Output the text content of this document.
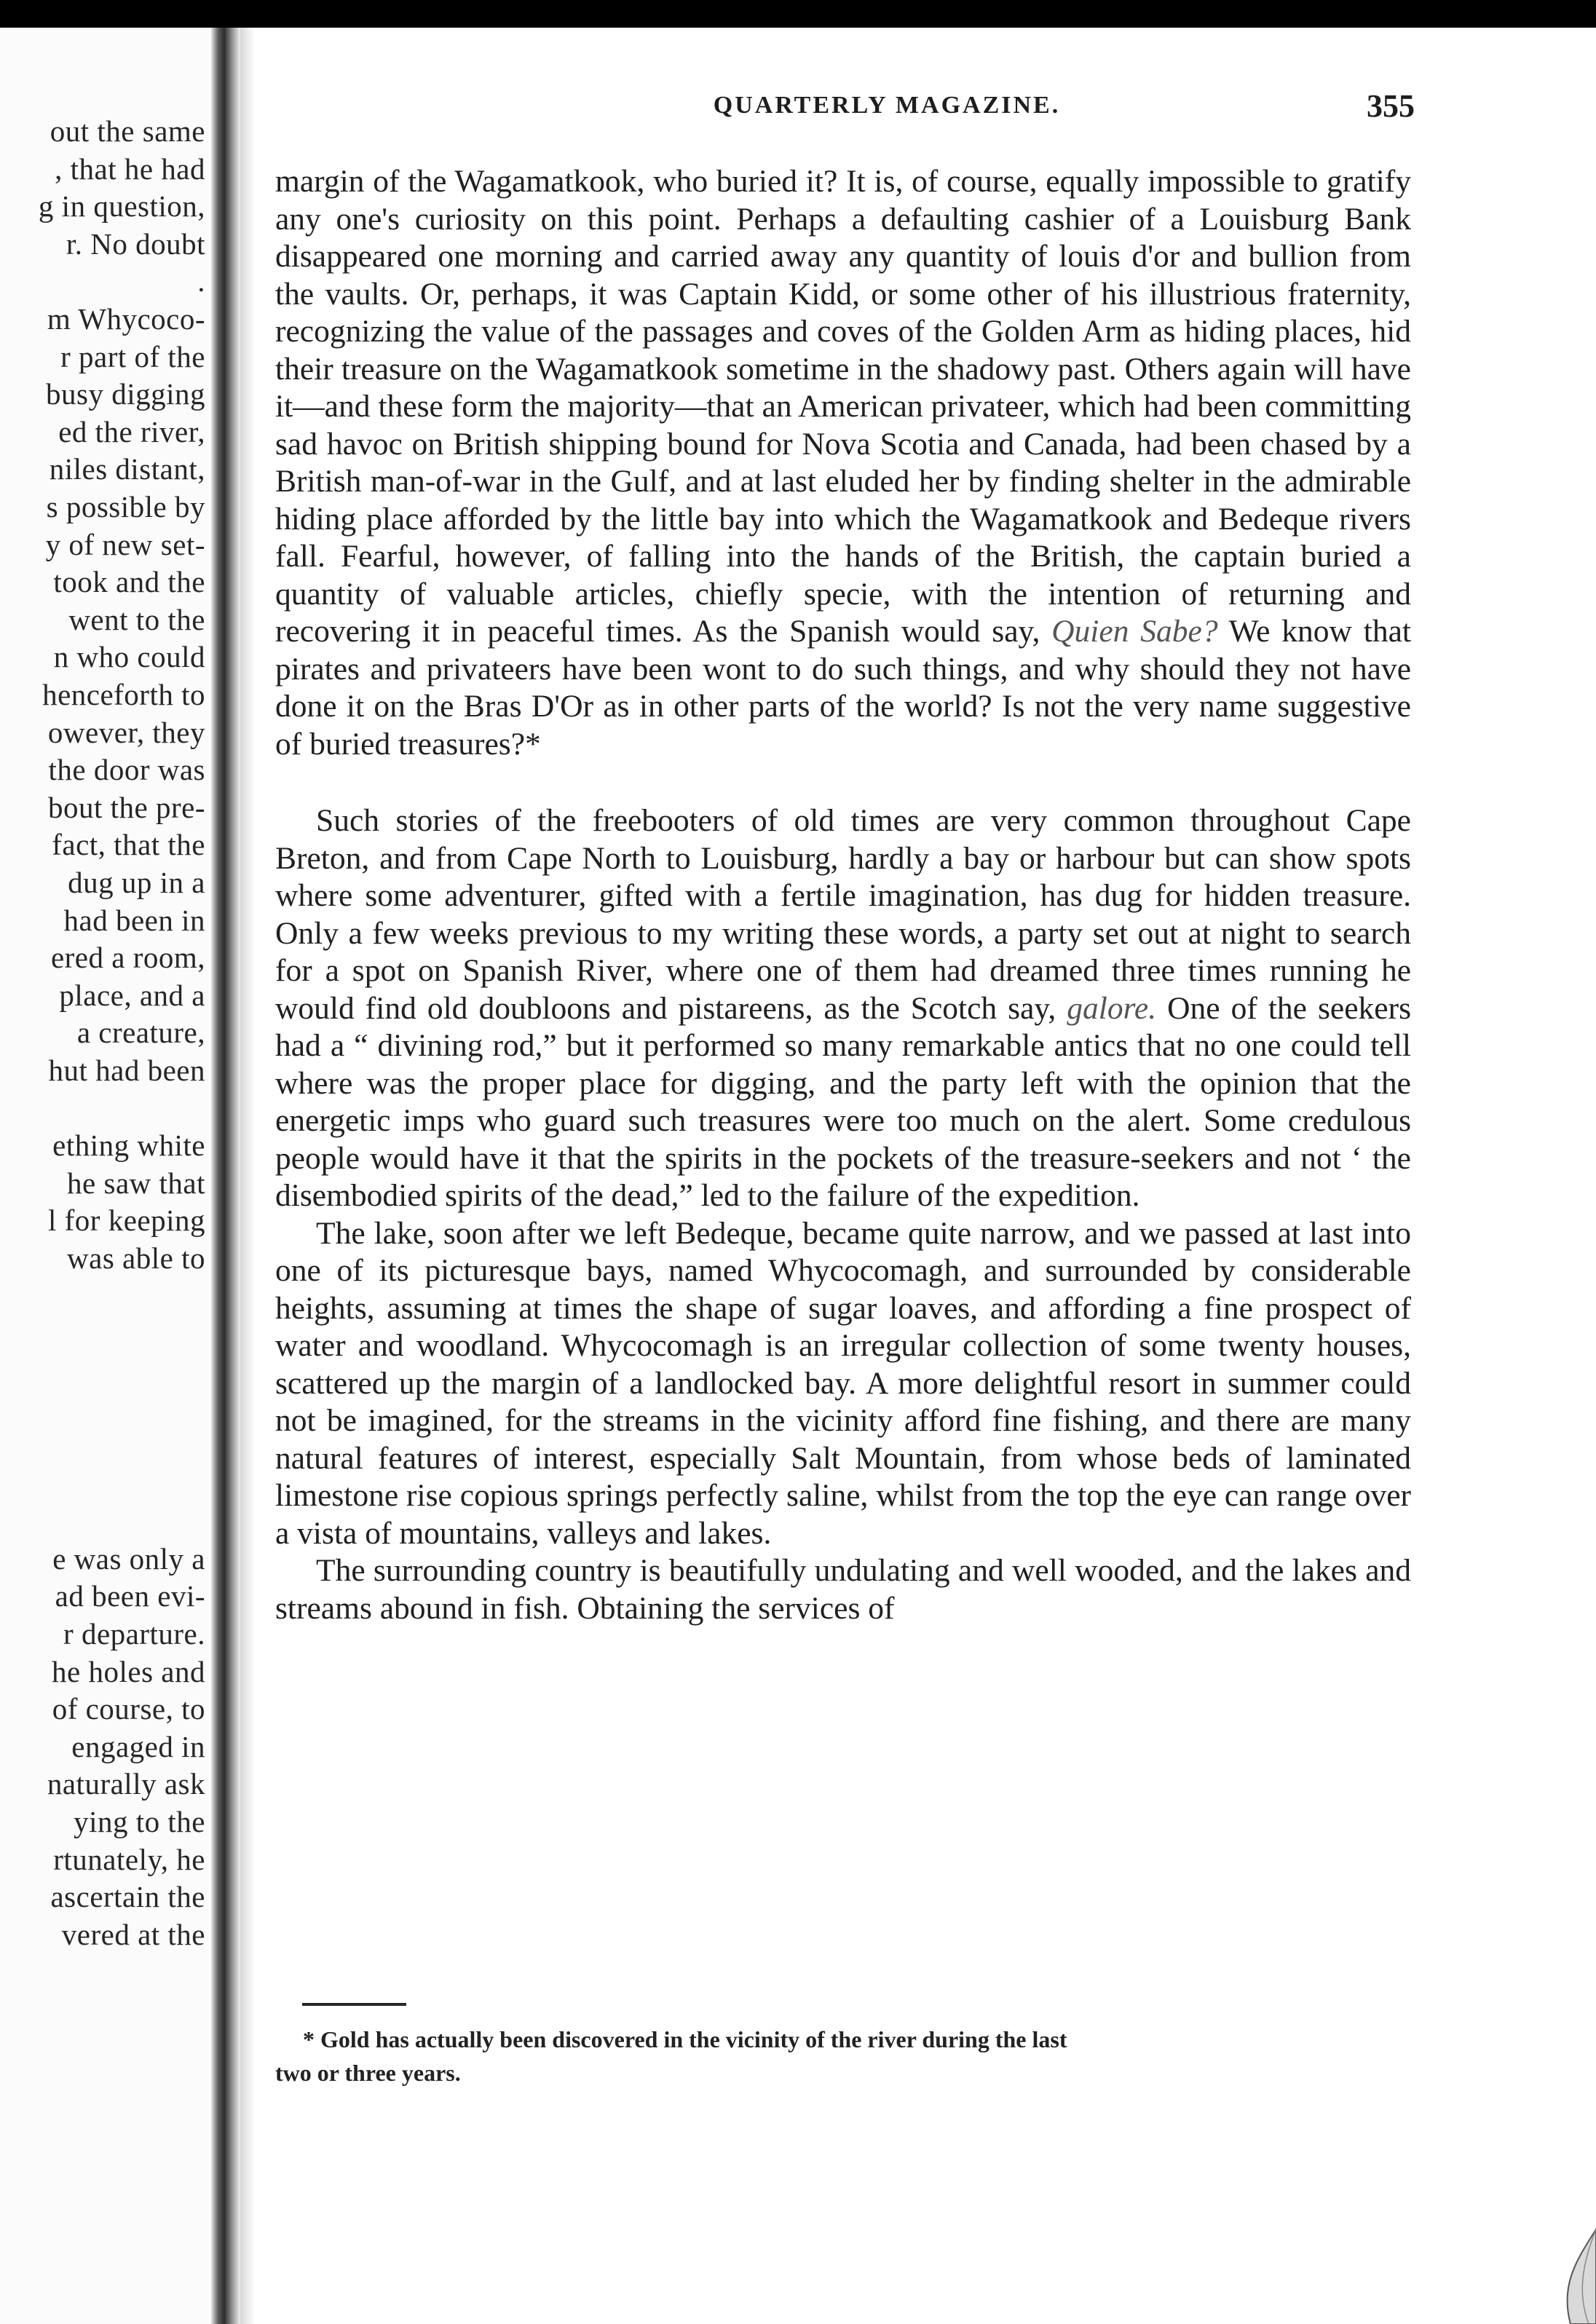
out the same
, that he had
g in question,
r. No doubt
.
m Whycoco-
r part of the
busy digging
ed the river,
niles distant,
s possible by
y of new set-
took and the
went to the
n who could
henceforth to
owever, they
the door was
bout the pre-
fact, that the
dug up in a
had been in
ered a room,
place, and a
a creature,
hut had been
ething white
he saw that
l for keeping
was able to
e was only a
ad been evi-
r departure.
he holes and
of course, to
engaged in
naturally ask
ying to the
rtunately, he
ascertain the
vered at the
QUARTERLY MAGAZINE.	355

margin of the Wagamatkook, who buried it? It is, of course, equally impossible to gratify any one's curiosity on this point. Perhaps a defaulting cashier of a Louisburg Bank disappeared one morning and carried away any quantity of louis d'or and bullion from the vaults. Or, perhaps, it was Captain Kidd, or some other of his illustrious fraternity, recognizing the value of the passages and coves of the Golden Arm as hiding places, hid their treasure on the Wagamatkook sometime in the shadowy past. Others again will have it—and these form the majority—that an American privateer, which had been committing sad havoc on British shipping bound for Nova Scotia and Canada, had been chased by a British man-of-war in the Gulf, and at last eluded her by finding shelter in the admirable hiding place afforded by the little bay into which the Wagamatkook and Bedeque rivers fall. Fearful, however, of falling into the hands of the British, the captain buried a quantity of valuable articles, chiefly specie, with the intention of returning and recovering it in peaceful times. As the Spanish would say, Quien Sabe? We know that pirates and privateers have been wont to do such things, and why should they not have done it on the Bras D'Or as in other parts of the world? Is not the very name suggestive of buried treasures?*

Such stories of the freebooters of old times are very common throughout Cape Breton, and from Cape North to Louisburg, hardly a bay or harbour but can show spots where some adventurer, gifted with a fertile imagination, has dug for hidden treasure. Only a few weeks previous to my writing these words, a party set out at night to search for a spot on Spanish River, where one of them had dreamed three times running he would find old doubloons and pistareens, as the Scotch say, galore. One of the seekers had a “ divining rod,” but it performed so many remarkable antics that no one could tell where was the proper place for digging, and the party left with the opinion that the energetic imps who guard such treasures were too much on the alert. Some credulous people would have it that the spirits in the pockets of the treasure-seekers and not ‘ the disembodied spirits of the dead,” led to the failure of the expedition.

The lake, soon after we left Bedeque, became quite narrow, and we passed at last into one of its picturesque bays, named Whycocomagh, and surrounded by considerable heights, assuming at times the shape of sugar loaves, and affording a fine prospect of water and woodland. Whycocomagh is an irregular collection of some twenty houses, scattered up the margin of a landlocked bay. A more delightful resort in summer could not be imagined, for the streams in the vicinity afford fine fishing, and there are many natural features of interest, especially Salt Mountain, from whose beds of laminated limestone rise copious springs perfectly saline, whilst from the top the eye can range over a vista of mountains, valleys and lakes.

The surrounding country is beautifully undulating and well wooded, and the lakes and streams abound in fish. Obtaining the services of

* Gold has actually been discovered in the vicinity of the river during the last
two or three years.
